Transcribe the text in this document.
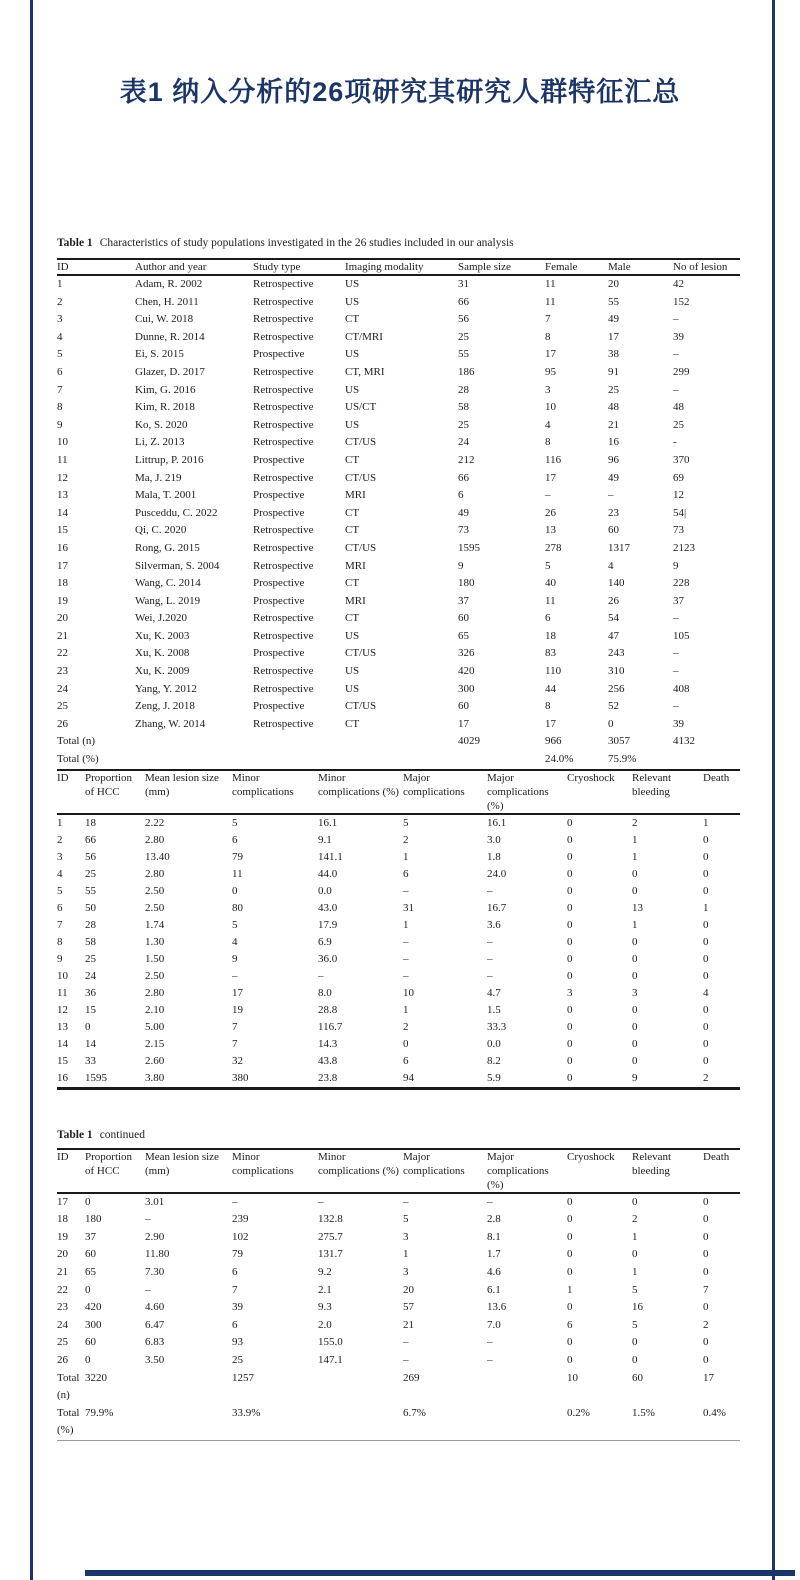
表1 纳入分析的26项研究其研究人群特征汇总

Table 1 Characteristics of study populations investigated in the 26 studies included in our analysis

ID	Author and year	Study type	Imaging modality	Sample size	Female	Male	No of lesion
1	Adam, R. 2002	Retrospective	US	31	11	20	42
2	Chen, H. 2011	Retrospective	US	66	11	55	152
3	Cui, W. 2018	Retrospective	CT	56	7	49	–
4	Dunne, R. 2014	Retrospective	CT/MRI	25	8	17	39
5	Ei, S. 2015	Prospective	US	55	17	38	–
6	Glazer, D. 2017	Retrospective	CT, MRI	186	95	91	299
7	Kim, G. 2016	Retrospective	US	28	3	25	–
8	Kim, R. 2018	Retrospective	US/CT	58	10	48	48
9	Ko, S. 2020	Retrospective	US	25	4	21	25
10	Li, Z. 2013	Retrospective	CT/US	24	8	16	-
11	Littrup, P. 2016	Prospective	CT	212	116	96	370
12	Ma, J. 219	Retrospective	CT/US	66	17	49	69
13	Mala, T. 2001	Prospective	MRI	6	–	–	12
14	Pusceddu, C. 2022	Prospective	CT	49	26	23	54|
15	Qi, C. 2020	Retrospective	CT	73	13	60	73
16	Rong, G. 2015	Retrospective	CT/US	1595	278	1317	2123
17	Silverman, S. 2004	Retrospective	MRI	9	5	4	9
18	Wang, C. 2014	Prospective	CT	180	40	140	228
19	Wang, L. 2019	Prospective	MRI	37	11	26	37
20	Wei, J.2020	Retrospective	CT	60	6	54	–
21	Xu, K. 2003	Retrospective	US	65	18	47	105
22	Xu, K. 2008	Prospective	CT/US	326	83	243	–
23	Xu, K. 2009	Retrospective	US	420	110	310	–
24	Yang, Y. 2012	Retrospective	US	300	44	256	408
25	Zeng, J. 2018	Prospective	CT/US	60	8	52	–
26	Zhang, W. 2014	Retrospective	CT	17	17	0	39
Total (n)				4029	966	3057	4132
Total (%)					24.0%	75.9%	
ID	Proportion of HCC	Mean lesion size (mm)	Minor complications	Minor complications (%)	Major complications	Major complications (%)	Cryoshock	Relevant bleeding	Death
1	18	2.22	5	16.1	5	16.1	0	2	1
2	66	2.80	6	9.1	2	3.0	0	1	0
3	56	13.40	79	141.1	1	1.8	0	1	0
4	25	2.80	11	44.0	6	24.0	0	0	0
5	55	2.50	0	0.0	–	–	0	0	0
6	50	2.50	80	43.0	31	16.7	0	13	1
7	28	1.74	5	17.9	1	3.6	0	1	0
8	58	1.30	4	6.9	–	–	0	0	0
9	25	1.50	9	36.0	–	–	0	0	0
10	24	2.50	–	–	–	–	0	0	0
11	36	2.80	17	8.0	10	4.7	3	3	4
12	15	2.10	19	28.8	1	1.5	0	0	0
13	0	5.00	7	116.7	2	33.3	0	0	0
14	14	2.15	7	14.3	0	0.0	0	0	0
15	33	2.60	32	43.8	6	8.2	0	0	0
16	1595	3.80	380	23.8	94	5.9	0	9	2

Table 1 continued

ID	Proportion of HCC	Mean lesion size (mm)	Minor complications	Minor complications (%)	Major complications	Major complications (%)	Cryoshock	Relevant bleeding	Death
17	0	3.01	–	–	–	–	0	0	0
18	180	–	239	132.8	5	2.8	0	2	0
19	37	2.90	102	275.7	3	8.1	0	1	0
20	60	11.80	79	131.7	1	1.7	0	0	0
21	65	7.30	6	9.2	3	4.6	0	1	0
22	0	–	7	2.1	20	6.1	1	5	7
23	420	4.60	39	9.3	57	13.6	0	16	0
24	300	6.47	6	2.0	21	7.0	6	5	2
25	60	6.83	93	155.0	–	–	0	0	0
26	0	3.50	25	147.1	–	–	0	0	0
Total (n)	3220		1257		269		10	60	17
Total (%)	79.9%		33.9%		6.7%		0.2%	1.5%	0.4%
